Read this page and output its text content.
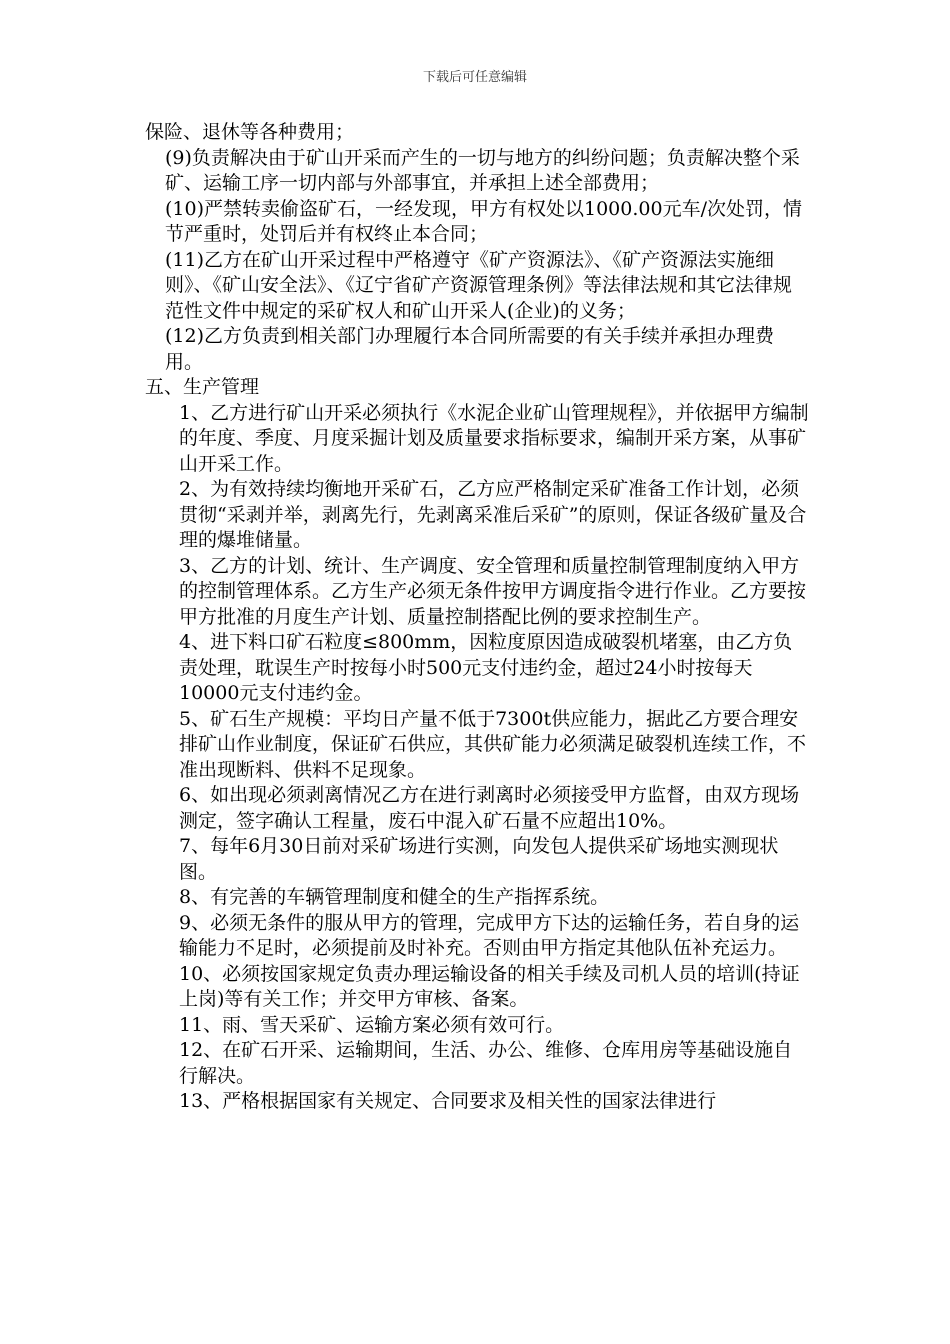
下载后可任意编辑

保险、退休等各种费用；

(9)负责解决由于矿山开采而产生的一切与地方的纠纷问题；负责解决整个采矿、运输工序一切内部与外部事宜，并承担上述全部费用；

(10)严禁转卖偷盗矿石，一经发现，甲方有权处以1000.00元车/次处罚，情节严重时，处罚后并有权终止本合同；

(11)乙方在矿山开采过程中严格遵守《矿产资源法》、《矿产资源法实施细则》、《矿山安全法》、《辽宁省矿产资源管理条例》等法律法规和其它法律规范性文件中规定的采矿权人和矿山开采人(企业)的义务；

(12)乙方负责到相关部门办理履行本合同所需要的有关手续并承担办理费用。

五、生产管理

1、乙方进行矿山开采必须执行《水泥企业矿山管理规程》，并依据甲方编制的年度、季度、月度采掘计划及质量要求指标要求，编制开采方案，从事矿山开采工作。

2、为有效持续均衡地开采矿石，乙方应严格制定采矿准备工作计划，必须贯彻“采剥并举，剥离先行，先剥离采准后采矿”的原则，保证各级矿量及合理的爆堆储量。

3、乙方的计划、统计、生产调度、安全管理和质量控制管理制度纳入甲方的控制管理体系。乙方生产必须无条件按甲方调度指令进行作业。乙方要按甲方批准的月度生产计划、质量控制搭配比例的要求控制生产。

4、进下料口矿石粒度≤800mm，因粒度原因造成破裂机堵塞，由乙方负责处理，耽误生产时按每小时500元支付违约金，超过24小时按每天10000元支付违约金。

5、矿石生产规模：平均日产量不低于7300t供应能力，据此乙方要合理安排矿山作业制度，保证矿石供应，其供矿能力必须满足破裂机连续工作，不准出现断料、供料不足现象。

6、如出现必须剥离情况乙方在进行剥离时必须接受甲方监督，由双方现场测定，签字确认工程量，废石中混入矿石量不应超出10%。

7、每年6月30日前对采矿场进行实测，向发包人提供采矿场地实测现状图。

8、有完善的车辆管理制度和健全的生产指挥系统。

9、必须无条件的服从甲方的管理，完成甲方下达的运输任务，若自身的运输能力不足时，必须提前及时补充。否则由甲方指定其他队伍补充运力。

10、必须按国家规定负责办理运输设备的相关手续及司机人员的培训(持证上岗)等有关工作；并交甲方审核、备案。

11、雨、雪天采矿、运输方案必须有效可行。

12、在矿石开采、运输期间，生活、办公、维修、仓库用房等基础设施自行解决。

13、严格根据国家有关规定、合同要求及相关性的国家法律进行
